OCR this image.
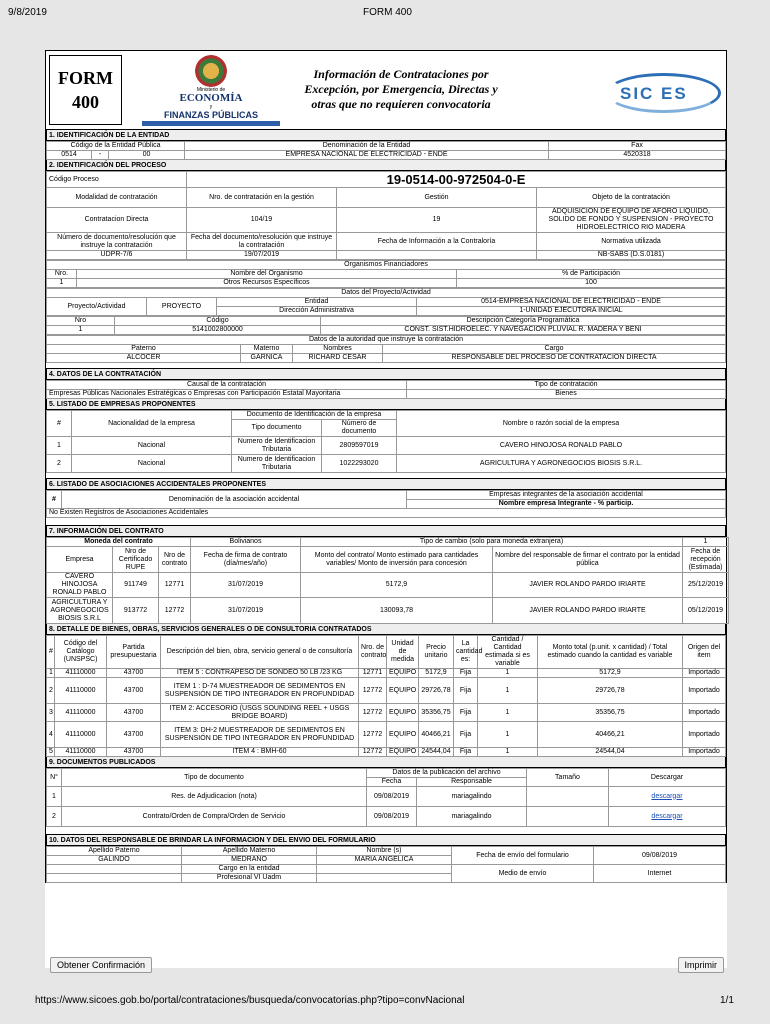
9/8/2019	FORM 400
FORM
400
Ministerio de
ECONOMÍA
y
FINANZAS PÚBLICAS
Información de Contrataciones por Excepción, por Emergencia, Directas y otras que no requieren convocatoria
SIC ES
1. IDENTIFICACIÓN DE LA ENTIDAD
Código de la Entidad Pública			Denominación de la Entidad	Fax
0514	-	00	EMPRESA NACIONAL DE ELECTRICIDAD - ENDE	4520318
2. IDENTIFICACIÓN DEL PROCESO
Código Proceso	19-0514-00-972504-0-E		
Modalidad de contratación	Nro. de contratación en la gestión	Gestión	Objeto de la contratación
Contratacion Directa	104/19	19	ADQUISICION DE EQUIPO DE AFORO LIQUIDO, SOLIDO DE FONDO Y SUSPENSION - PROYECTO HIDROELECTRICO RIO MADERA
Número de documento/resolución que instruye la contratación	Fecha del documento/resolución que instruye la contratación	Fecha de Información a la Contraloría	Normativa utilizada
UDPR-7/6	19/07/2019		NB-SABS (D.S.0181)
Organismos Financiadores		
Nro.	Nombre del Organismo	% de Participación
1	Otros Recursos Específicos	100
Datos del Proyecto/Actividad			
Proyecto/Actividad	PROYECTO	Entidad	0514-EMPRESA NACIONAL DE ELECTRICIDAD - ENDE
		Dirección Administrativa	1-UNIDAD EJECUTORA INICIAL
Nro	Código	Descripción Categoría Programática
1	5141002800000	CONST. SIST.HIDROELEC. Y NAVEGACION PLUVIAL R. MADERA Y BENI
Datos de la autoridad que instruye la contratación			
Paterno	Materno	Nombres	Cargo
ALCOCER	GARNICA	RICHARD CESAR	RESPONSABLE DEL PROCESO DE CONTRATACION DIRECTA
4. DATOS DE LA CONTRATACIÓN
Causal de la contratación	Tipo de contratación
Empresas Públicas Nacionales Estratégicas o Empresas con Participación Estatal Mayoritaria	Bienes
5. LISTADO DE EMPRESAS PROPONENTES
#	Nacionalidad de la empresa	Documento de Identificación de la empresa		Nombre o razón social de la empresa
		Tipo documento	Número de documento	
1	Nacional	Numero de Identificacion Tributaria	2809597019	CAVERO HINOJOSA RONALD PABLO
2	Nacional	Numero de Identificacion Tributaria	1022293020	AGRICULTURA Y AGRONEGOCIOS BIOSIS S.R.L.
6. LISTADO DE ASOCIACIONES ACCIDENTALES PROPONENTES
#	Denominación de la asociación accidental	Empresas integrantes de la asociación accidental
Nombre empresa Integrante - % particip.
No Existen Registros de Asociaciones Accidentales
7. INFORMACIÓN DEL CONTRATO
Moneda del contrato			Bolivianos	Tipo de cambio (solo para moneda extranjera)		1
Empresa	Nro de Certificado RUPE	Nro de contrato	Fecha de firma de contrato (día/mes/año)	Monto del contrato/ Monto estimado para cantidades variables/ Monto de inversión para concesión	Nombre del responsable de firmar el contrato por la entidad pública	Fecha de recepción (Estimada)
CAVERO HINOJOSA RONALD PABLO	911749	12771	31/07/2019	5172,9	JAVIER ROLANDO PARDO IRIARTE	25/12/2019
AGRICULTURA Y AGRONEGOCIOS BIOSIS S.R.L	913772	12772	31/07/2019	130093,78	JAVIER ROLANDO PARDO IRIARTE	05/12/2019
8. DETALLE DE BIENES, OBRAS, SERVICIOS GENERALES O DE CONSULTORIA CONTRATADOS
#	Código del Catálogo (UNSPSC)	Partida presupuestaria	Descripción del bien, obra, servicio general o de consultoría	Nro. de contrato	Unidad de medida	Precio unitario	La cantidad es:	Cantidad / Cantidad estimada si es variable	Monto total (p.unit. x cantidad) / Total estimado cuando la cantidad es variable	Origen del item
1	41110000	43700	ITEM 5 : CONTRAPESO DE SONDEO 50 LB /23 KG	12771	EQUIPO	5172,9	Fija	1	5172,9	Importado
2	41110000	43700	ITEM 1 : D-74 MUESTREADOR DE SEDIMENTOS EN SUSPENSIÓN DE TIPO INTEGRADOR EN PROFUNDIDAD	12772	EQUIPO	29726,78	Fija	1	29726,78	Importado
3	41110000	43700	ITEM 2: ACCESORIO (USGS SOUNDING REEL + USGS BRIDGE BOARD)	12772	EQUIPO	35356,75	Fija	1	35356,75	Importado
4	41110000	43700	ITEM 3: DH-2 MUESTREADOR DE SEDIMENTOS EN SUSPENSIÓN DE TIPO INTEGRADOR EN PROFUNDIDAD	12772	EQUIPO	40466,21	Fija	1	40466,21	Importado
5	41110000	43700	ITEM 4 : BMH-60	12772	EQUIPO	24544,04	Fija	1	24544,04	Importado
9. DOCUMENTOS PUBLICADOS
N°	Tipo de documento	Datos de la publicación del archivo		Tamaño	Descargar
		Fecha	Responsable		
1	Res. de Adjudicacion (nota)	09/08/2019	mariagalindo		descargar
2	Contrato/Orden de Compra/Orden de Servicio	09/08/2019	mariagalindo		descargar
10. DATOS DEL RESPONSABLE DE BRINDAR LA INFORMACION Y DEL ENVIO DEL FORMULARIO
Apellido Paterno	Apellido Materno	Nombre (s)	Fecha de envío del formulario	09/08/2019
GALINDO	MEDRANO	MARIA ANGELICA		
	Cargo en la entidad		Medio de envío	Internet
	Profesional VI Uadm			
Obtener Confirmación	Imprimir
https://www.sicoes.gob.bo/portal/contrataciones/busqueda/convocatorias.php?tipo=convNacional	1/1
